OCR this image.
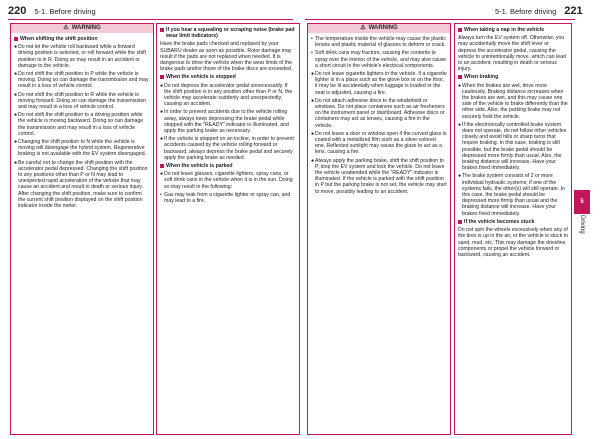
220 5-1. Before driving	5-1. Before driving 221
⚠ WARNING
When shifting the shift position
● Do not let the vehicle roll backward while a forward driving position is selected, or roll forward while the shift position is in R. Doing so may result in an accident or damage to the vehicle.
● Do not shift the shift position to P while the vehicle is moving. Doing so can damage the transmission and may result in a loss of vehicle control.
● Do not shift the shift position to R while the vehicle is moving forward. Doing so can damage the transmission and may result in a loss of vehicle control.
● Do not shift the shift position to a driving position while the vehicle is moving backward. Doing so can damage the transmission and may result in a loss of vehicle control.
● Changing the shift position to N while the vehicle is moving will disengage the hybrid system. Regenerative braking is not available with the EV system disengaged.
● Be careful not to change the shift position with the accelerator pedal depressed. Changing the shift position to any positions other than P or N may lead to unexpected rapid acceleration of the vehicle that may cause an accident and result in death or serious injury. After changing the shift position, make sure to confirm the current shift position displayed on the shift position indicator inside the meter.
If you hear a squealing or scraping noise (brake pad wear limit indicators)
Have the brake pads checked and replaced by your SUBARU dealer as soon as possible. Rotor damage may result if the pads are not replaced when needed. It is dangerous to drive the vehicle when the wear limits of the brake pads and/or those of the brake discs are exceeded.
When the vehicle is stopped
● Do not depress the accelerator pedal unnecessarily. If the shift position is in any position other than P or N, the vehicle may accelerate suddenly and unexpectedly, causing an accident.
● In order to prevent accidents due to the vehicle rolling away, always keep depressing the brake pedal while stopped with the "READY" indicator is illuminated, and apply the parking brake as necessary.
● If the vehicle is stopped on an incline, in order to prevent accidents caused by the vehicle rolling forward or backward, always depress the brake pedal and securely apply the parking brake as needed.
When the vehicle is parked
● Do not leave glasses, cigarette lighters, spray cans, or soft drink cans in the vehicle when it is in the sun. Doing so may result in the following:
• Gas may leak from a cigarette lighter or spray can, and may lead to a fire.
⚠ WARNING
• The temperature inside the vehicle may cause the plastic lenses and plastic material of glasses to deform or crack.
• Soft drink cans may fracture, causing the contents to spray over the interior of the vehicle, and may also cause a short circuit in the vehicle's electrical components.
● Do not leave cigarette lighters in the vehicle. If a cigarette lighter is in a place such as the glove box or on the floor, it may be lit accidentally when luggage is loaded or the seat is adjusted, causing a fire.
● Do not attach adhesive discs to the windshield or windows. Do not place containers such as air fresheners on the instrument panel or dashboard. Adhesive discs or containers may act as lenses, causing a fire in the vehicle.
● Do not leave a door or window open if the curved glass is coated with a metallized film such as a silver-colored one. Reflected sunlight may cause the glass to act as a lens, causing a fire.
● Always apply the parking brake, shift the shift position to P, stop the EV system and lock the vehicle. Do not leave the vehicle unattended while the "READY" indicator is illuminated. If the vehicle is parked with the shift position in P but the parking brake is not set, the vehicle may start to move, possibly leading to an accident.
When taking a nap in the vehicle
Always turn the EV system off. Otherwise, you may accidentally move the shift lever or depress the accelerator pedal, causing the vehicle to unintentionally move, which can lead to an accident, resulting in death or serious injury.
When braking
● When the brakes are wet, drive more cautiously. Braking distance increases when the brakes are wet, and this may cause one side of the vehicle to brake differently than the other side. Also, the parking brake may not securely hold the vehicle.
● If the electronically controlled brake system does not operate, do not follow other vehicles closely and avoid hills or sharp turns that require braking. In this case, braking is still possible, but the brake pedal should be depressed more firmly than usual. Also, the braking distance will increase. Have your brakes fixed immediately.
● The brake system consists of 2 or more individual hydraulic systems; if one of the systems fails, the other(s) will still operate. In this case, the brake pedal should be depressed more firmly than usual and the braking distance will increase. Have your brakes fixed immediately.
If the vehicle becomes stuck
Do not spin the wheels excessively when any of the tires is up in the air, or the vehicle is stuck in sand, mud, etc. This may damage the driveline components or propel the vehicle forward or backward, causing an accident.
5
Driving
